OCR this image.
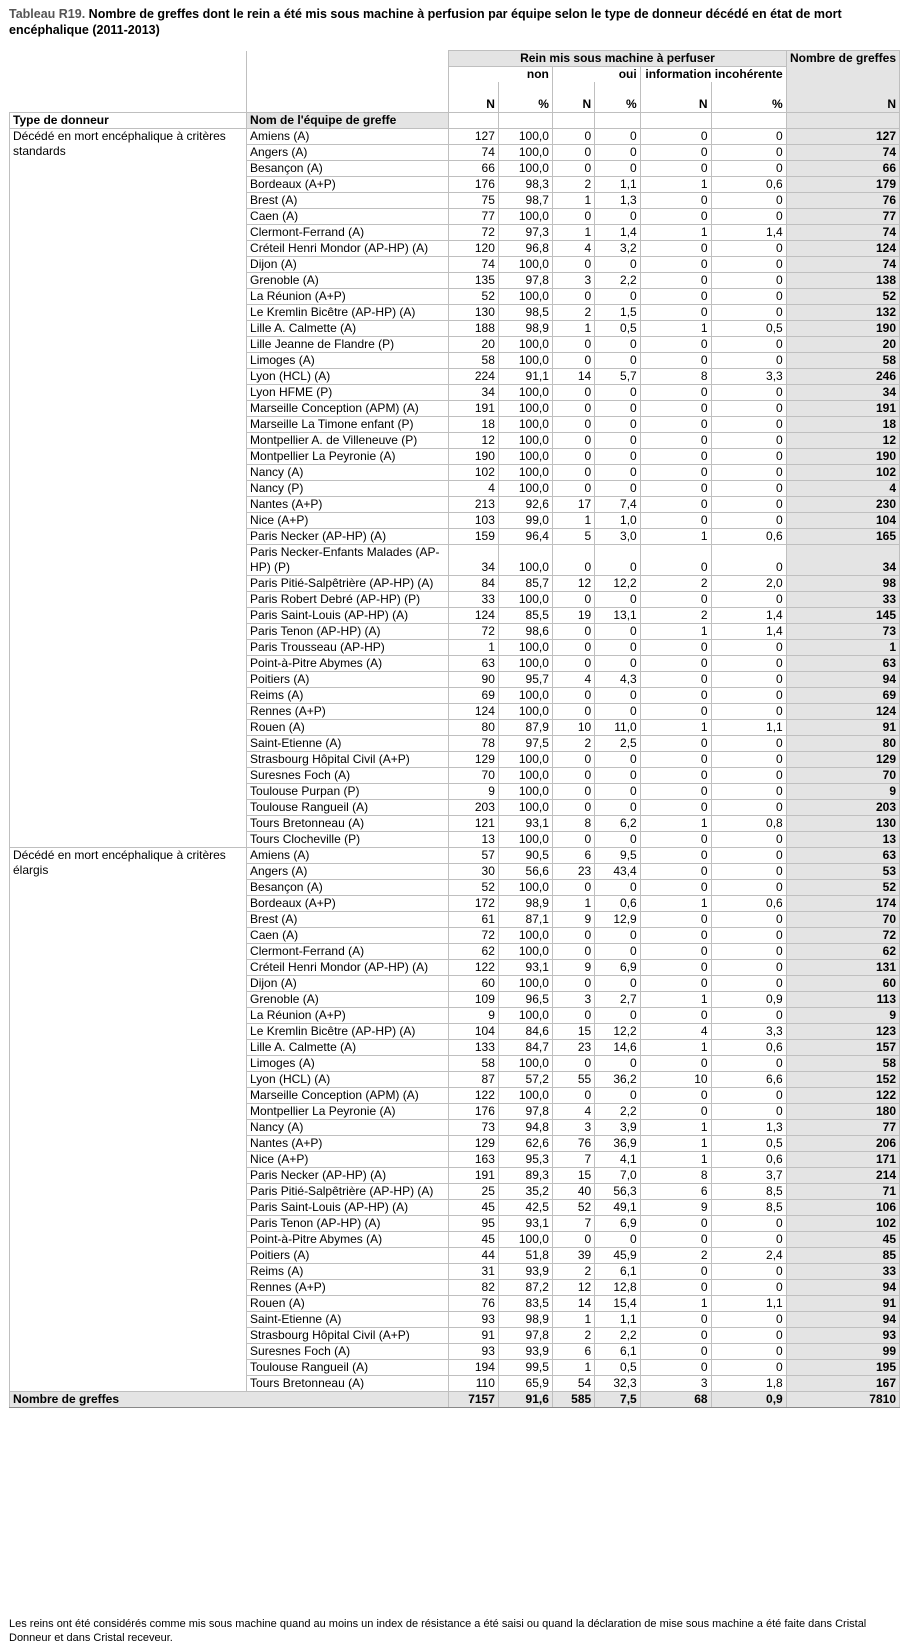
Tableau R19. Nombre de greffes dont le rein a été mis sous machine à perfusion par équipe selon le type de donneur décédé en état de mort encéphalique (2011-2013)

		Rein mis sous machine à perfuser						Nombre de greffes
		non		oui		information incohérente		

		N	%	N	%	N	%	N
Type de donneur	Nom de l'équipe de greffe							
Décédé en mort encéphalique à critères standards	Amiens (A)	127	100,0	0	0	0	0	127
	Angers (A)	74	100,0	0	0	0	0	74
	Besançon (A)	66	100,0	0	0	0	0	66
	Bordeaux (A+P)	176	98,3	2	1,1	1	0,6	179
	Brest (A)	75	98,7	1	1,3	0	0	76
	Caen (A)	77	100,0	0	0	0	0	77
	Clermont-Ferrand (A)	72	97,3	1	1,4	1	1,4	74
	Créteil Henri Mondor (AP-HP) (A)	120	96,8	4	3,2	0	0	124
	Dijon (A)	74	100,0	0	0	0	0	74
	Grenoble (A)	135	97,8	3	2,2	0	0	138
	La Réunion (A+P)	52	100,0	0	0	0	0	52
	Le Kremlin Bicêtre (AP-HP) (A)	130	98,5	2	1,5	0	0	132
	Lille A. Calmette (A)	188	98,9	1	0,5	1	0,5	190
	Lille Jeanne de Flandre (P)	20	100,0	0	0	0	0	20
	Limoges (A)	58	100,0	0	0	0	0	58
	Lyon (HCL) (A)	224	91,1	14	5,7	8	3,3	246
	Lyon HFME (P)	34	100,0	0	0	0	0	34
	Marseille Conception (APM) (A)	191	100,0	0	0	0	0	191
	Marseille La Timone enfant (P)	18	100,0	0	0	0	0	18
	Montpellier A. de Villeneuve (P)	12	100,0	0	0	0	0	12
	Montpellier La Peyronie (A)	190	100,0	0	0	0	0	190
	Nancy (A)	102	100,0	0	0	0	0	102
	Nancy (P)	4	100,0	0	0	0	0	4
	Nantes (A+P)	213	92,6	17	7,4	0	0	230
	Nice (A+P)	103	99,0	1	1,0	0	0	104
	Paris Necker (AP-HP) (A)	159	96,4	5	3,0	1	0,6	165
	Paris Necker-Enfants Malades (AP-HP) (P)	34	100,0	0	0	0	0	34
	Paris Pitié-Salpêtrière (AP-HP) (A)	84	85,7	12	12,2	2	2,0	98
	Paris Robert Debré (AP-HP) (P)	33	100,0	0	0	0	0	33
	Paris Saint-Louis (AP-HP) (A)	124	85,5	19	13,1	2	1,4	145
	Paris Tenon (AP-HP) (A)	72	98,6	0	0	1	1,4	73
	Paris Trousseau (AP-HP)	1	100,0	0	0	0	0	1
	Point-à-Pitre Abymes (A)	63	100,0	0	0	0	0	63
	Poitiers (A)	90	95,7	4	4,3	0	0	94
	Reims (A)	69	100,0	0	0	0	0	69
	Rennes (A+P)	124	100,0	0	0	0	0	124
	Rouen (A)	80	87,9	10	11,0	1	1,1	91
	Saint-Etienne (A)	78	97,5	2	2,5	0	0	80
	Strasbourg Hôpital Civil (A+P)	129	100,0	0	0	0	0	129
	Suresnes Foch (A)	70	100,0	0	0	0	0	70
	Toulouse Purpan (P)	9	100,0	0	0	0	0	9
	Toulouse Rangueil (A)	203	100,0	0	0	0	0	203
	Tours Bretonneau (A)	121	93,1	8	6,2	1	0,8	130
	Tours Clocheville (P)	13	100,0	0	0	0	0	13
Décédé en mort encéphalique à critères élargis	Amiens (A)	57	90,5	6	9,5	0	0	63
	Angers (A)	30	56,6	23	43,4	0	0	53
	Besançon (A)	52	100,0	0	0	0	0	52
	Bordeaux (A+P)	172	98,9	1	0,6	1	0,6	174
	Brest (A)	61	87,1	9	12,9	0	0	70
	Caen (A)	72	100,0	0	0	0	0	72
	Clermont-Ferrand (A)	62	100,0	0	0	0	0	62
	Créteil Henri Mondor (AP-HP) (A)	122	93,1	9	6,9	0	0	131
	Dijon (A)	60	100,0	0	0	0	0	60
	Grenoble (A)	109	96,5	3	2,7	1	0,9	113
	La Réunion (A+P)	9	100,0	0	0	0	0	9
	Le Kremlin Bicêtre (AP-HP) (A)	104	84,6	15	12,2	4	3,3	123
	Lille A. Calmette (A)	133	84,7	23	14,6	1	0,6	157
	Limoges (A)	58	100,0	0	0	0	0	58
	Lyon (HCL) (A)	87	57,2	55	36,2	10	6,6	152
	Marseille Conception (APM) (A)	122	100,0	0	0	0	0	122
	Montpellier La Peyronie (A)	176	97,8	4	2,2	0	0	180
	Nancy (A)	73	94,8	3	3,9	1	1,3	77
	Nantes (A+P)	129	62,6	76	36,9	1	0,5	206
	Nice (A+P)	163	95,3	7	4,1	1	0,6	171
	Paris Necker (AP-HP) (A)	191	89,3	15	7,0	8	3,7	214
	Paris Pitié-Salpêtrière (AP-HP) (A)	25	35,2	40	56,3	6	8,5	71
	Paris Saint-Louis (AP-HP) (A)	45	42,5	52	49,1	9	8,5	106
	Paris Tenon (AP-HP) (A)	95	93,1	7	6,9	0	0	102
	Point-à-Pitre Abymes (A)	45	100,0	0	0	0	0	45
	Poitiers (A)	44	51,8	39	45,9	2	2,4	85
	Reims (A)	31	93,9	2	6,1	0	0	33
	Rennes (A+P)	82	87,2	12	12,8	0	0	94
	Rouen (A)	76	83,5	14	15,4	1	1,1	91
	Saint-Etienne (A)	93	98,9	1	1,1	0	0	94
	Strasbourg Hôpital Civil (A+P)	91	97,8	2	2,2	0	0	93
	Suresnes Foch (A)	93	93,9	6	6,1	0	0	99
	Toulouse Rangueil (A)	194	99,5	1	0,5	0	0	195
	Tours Bretonneau (A)	110	65,9	54	32,3	3	1,8	167
Nombre de greffes		7157	91,6	585	7,5	68	0,9	7810

Les reins ont été considérés comme mis sous machine quand au moins un index de résistance a été saisi ou quand la déclaration de mise sous machine a été faite dans Cristal Donneur et dans Cristal receveur.
